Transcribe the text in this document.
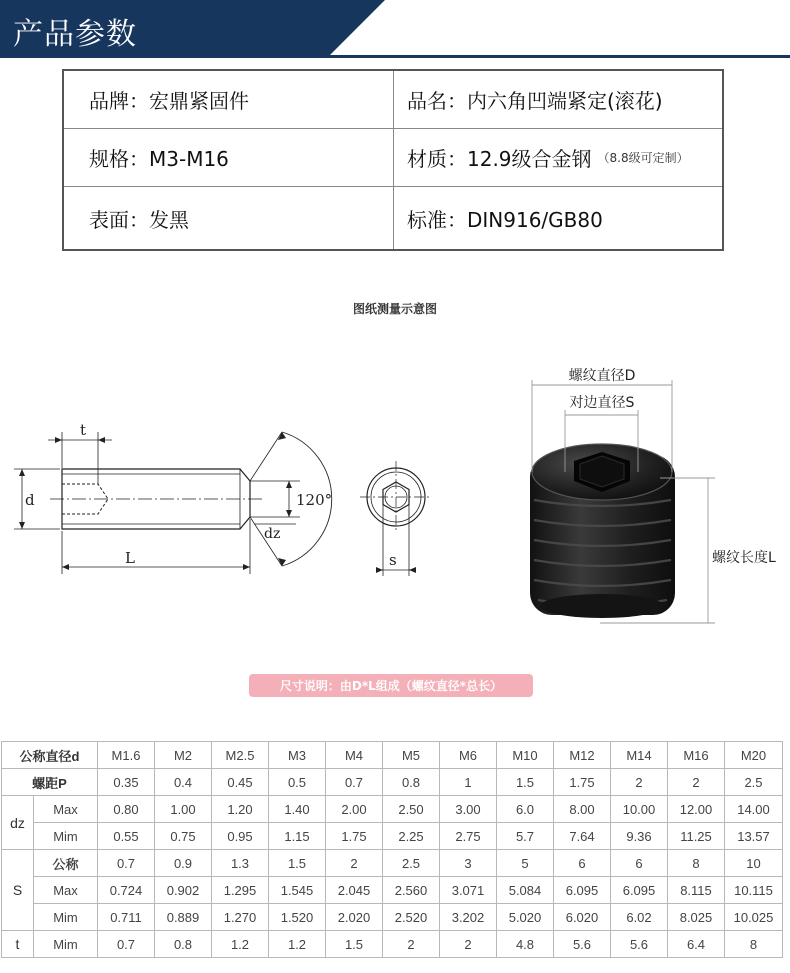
产品参数
品牌：宏鼎紧固件	品名：内六角凹端紧定(滚花)
规格：M3-M16	材质：12.9级合金钢 （8.8级可定制）
表面：发黑	标准：DIN916/GB80
图纸测量示意图
t
d
L
dz
120°
s
螺纹直径D
对边直径S
螺纹长度L
尺寸说明：由D*L组成（螺纹直径*总长）
公称直径d		M1.6	M2	M2.5	M3	M4	M5	M6	M10	M12	M14	M16	M20
螺距P		0.35	0.4	0.45	0.5	0.7	0.8	1	1.5	1.75	2	2	2.5
dz	Max	0.80	1.00	1.20	1.40	2.00	2.50	3.00	6.0	8.00	10.00	12.00	14.00
	Mim	0.55	0.75	0.95	1.15	1.75	2.25	2.75	5.7	7.64	9.36	11.25	13.57
S	公称	0.7	0.9	1.3	1.5	2	2.5	3	5	6	6	8	10
	Max	0.724	0.902	1.295	1.545	2.045	2.560	3.071	5.084	6.095	6.095	8.115	10.115
	Mim	0.711	0.889	1.270	1.520	2.020	2.520	3.202	5.020	6.020	6.02	8.025	10.025
t	Mim	0.7	0.8	1.2	1.2	1.5	2	2	4.8	5.6	5.6	6.4	8
